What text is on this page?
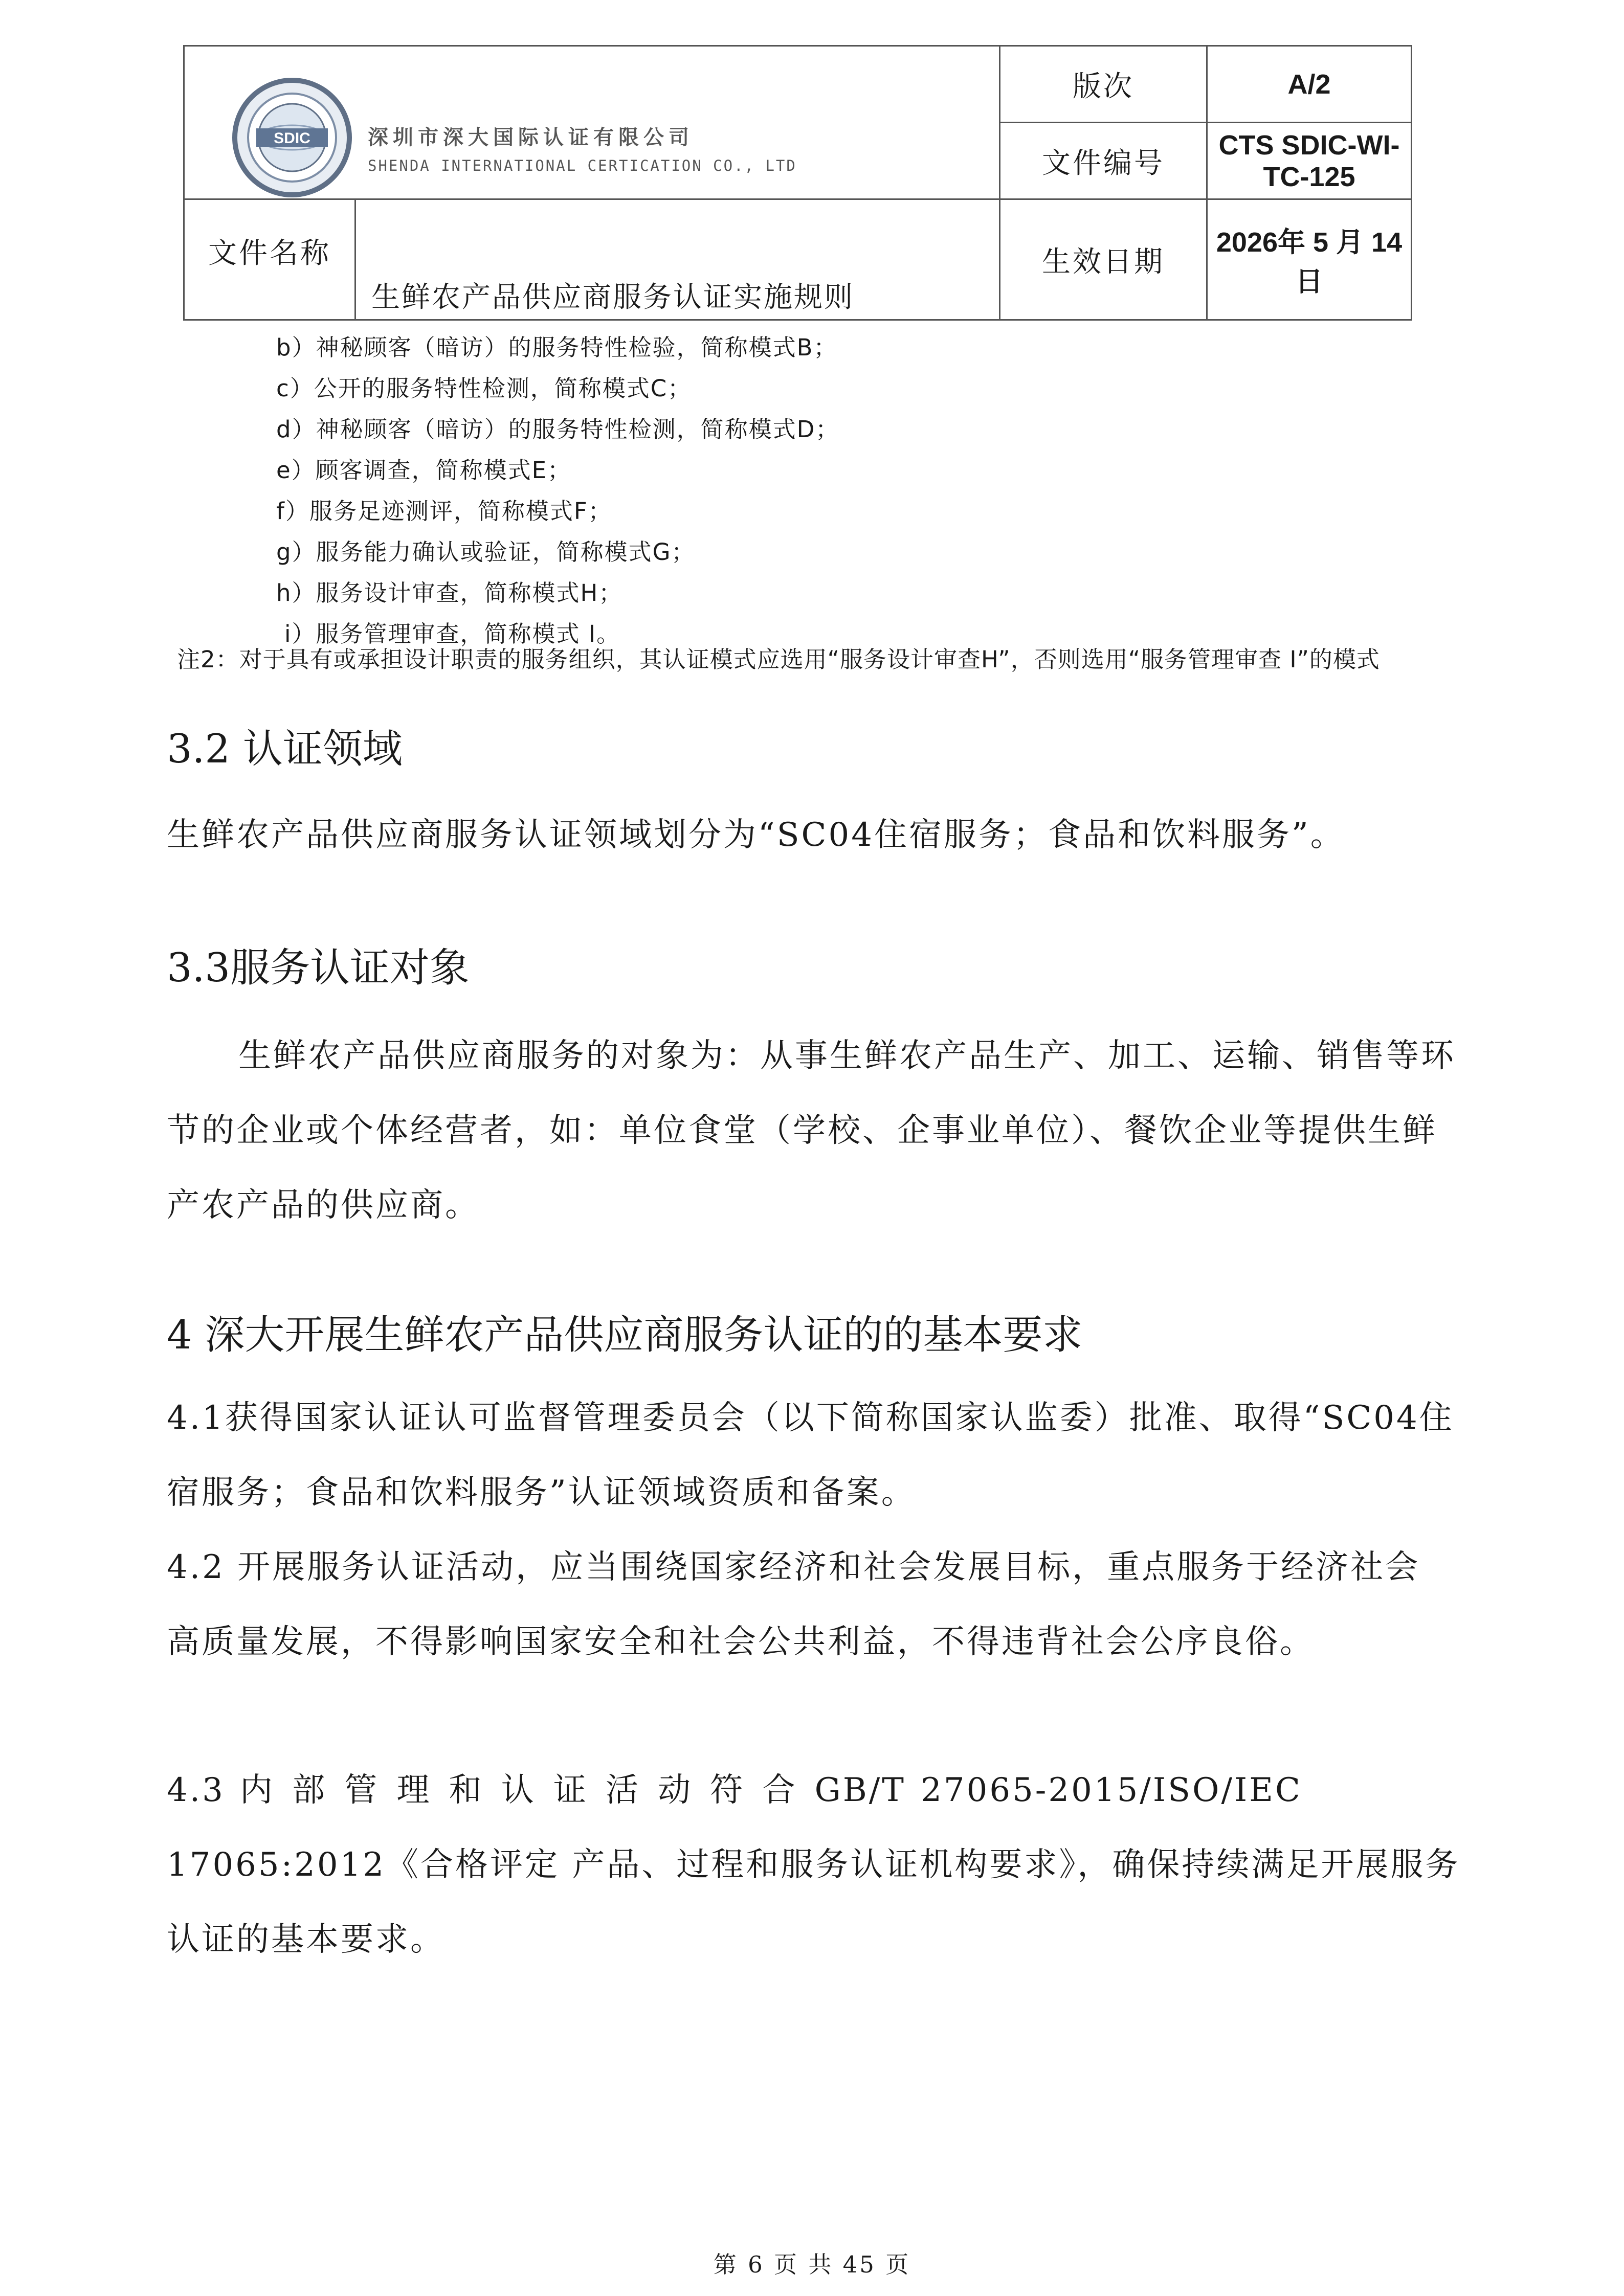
SDIC 深圳市深大国际认证有限公司
SHENDA INTERNATIONAL CERTICATION CO., LTD		版次	A/2
		文件编号	CTS SDIC-WI-TC-125
文件名称	生鲜农产品供应商服务认证实施规则	生效日期	2026年 5 月 14 日
b）神秘顾客（暗访）的服务特性检验，简称模式B；
c）公开的服务特性检测，简称模式C；
d）神秘顾客（暗访）的服务特性检测，简称模式D；
e）顾客调查，简称模式E；
f）服务足迹测评，简称模式F；
g）服务能力确认或验证，简称模式G；
h）服务设计审查，简称模式H；
i）服务管理审查，简称模式 I。
注2：对于具有或承担设计职责的服务组织，其认证模式应选用“服务设计审查H”，否则选用“服务管理审查 I”的模式
3.2 认证领域
生鲜农产品供应商服务认证领域划分为“SC04住宿服务；食品和饮料服务”。
3.3服务认证对象
生鲜农产品供应商服务的对象为：从事生鲜农产品生产、加工、运输、销售等环节的企业或个体经营者，如：单位食堂（学校、企事业单位）、餐饮企业等提供生鲜产农产品的供应商。
4 深大开展生鲜农产品供应商服务认证的的基本要求
4.1获得国家认证认可监督管理委员会（以下简称国家认监委）批准、取得“SC04住宿服务；食品和饮料服务”认证领域资质和备案。
4.2 开展服务认证活动，应当围绕国家经济和社会发展目标，重点服务于经济社会高质量发展，不得影响国家安全和社会公共利益，不得违背社会公序良俗。
4.3 内 部 管 理 和 认 证 活 动 符 合 GB/T 27065-2015/ISO/IEC
17065:2012《合格评定 产品、过程和服务认证机构要求》，确保持续满足开展服务认证的基本要求。
第 6 页 共 45 页
